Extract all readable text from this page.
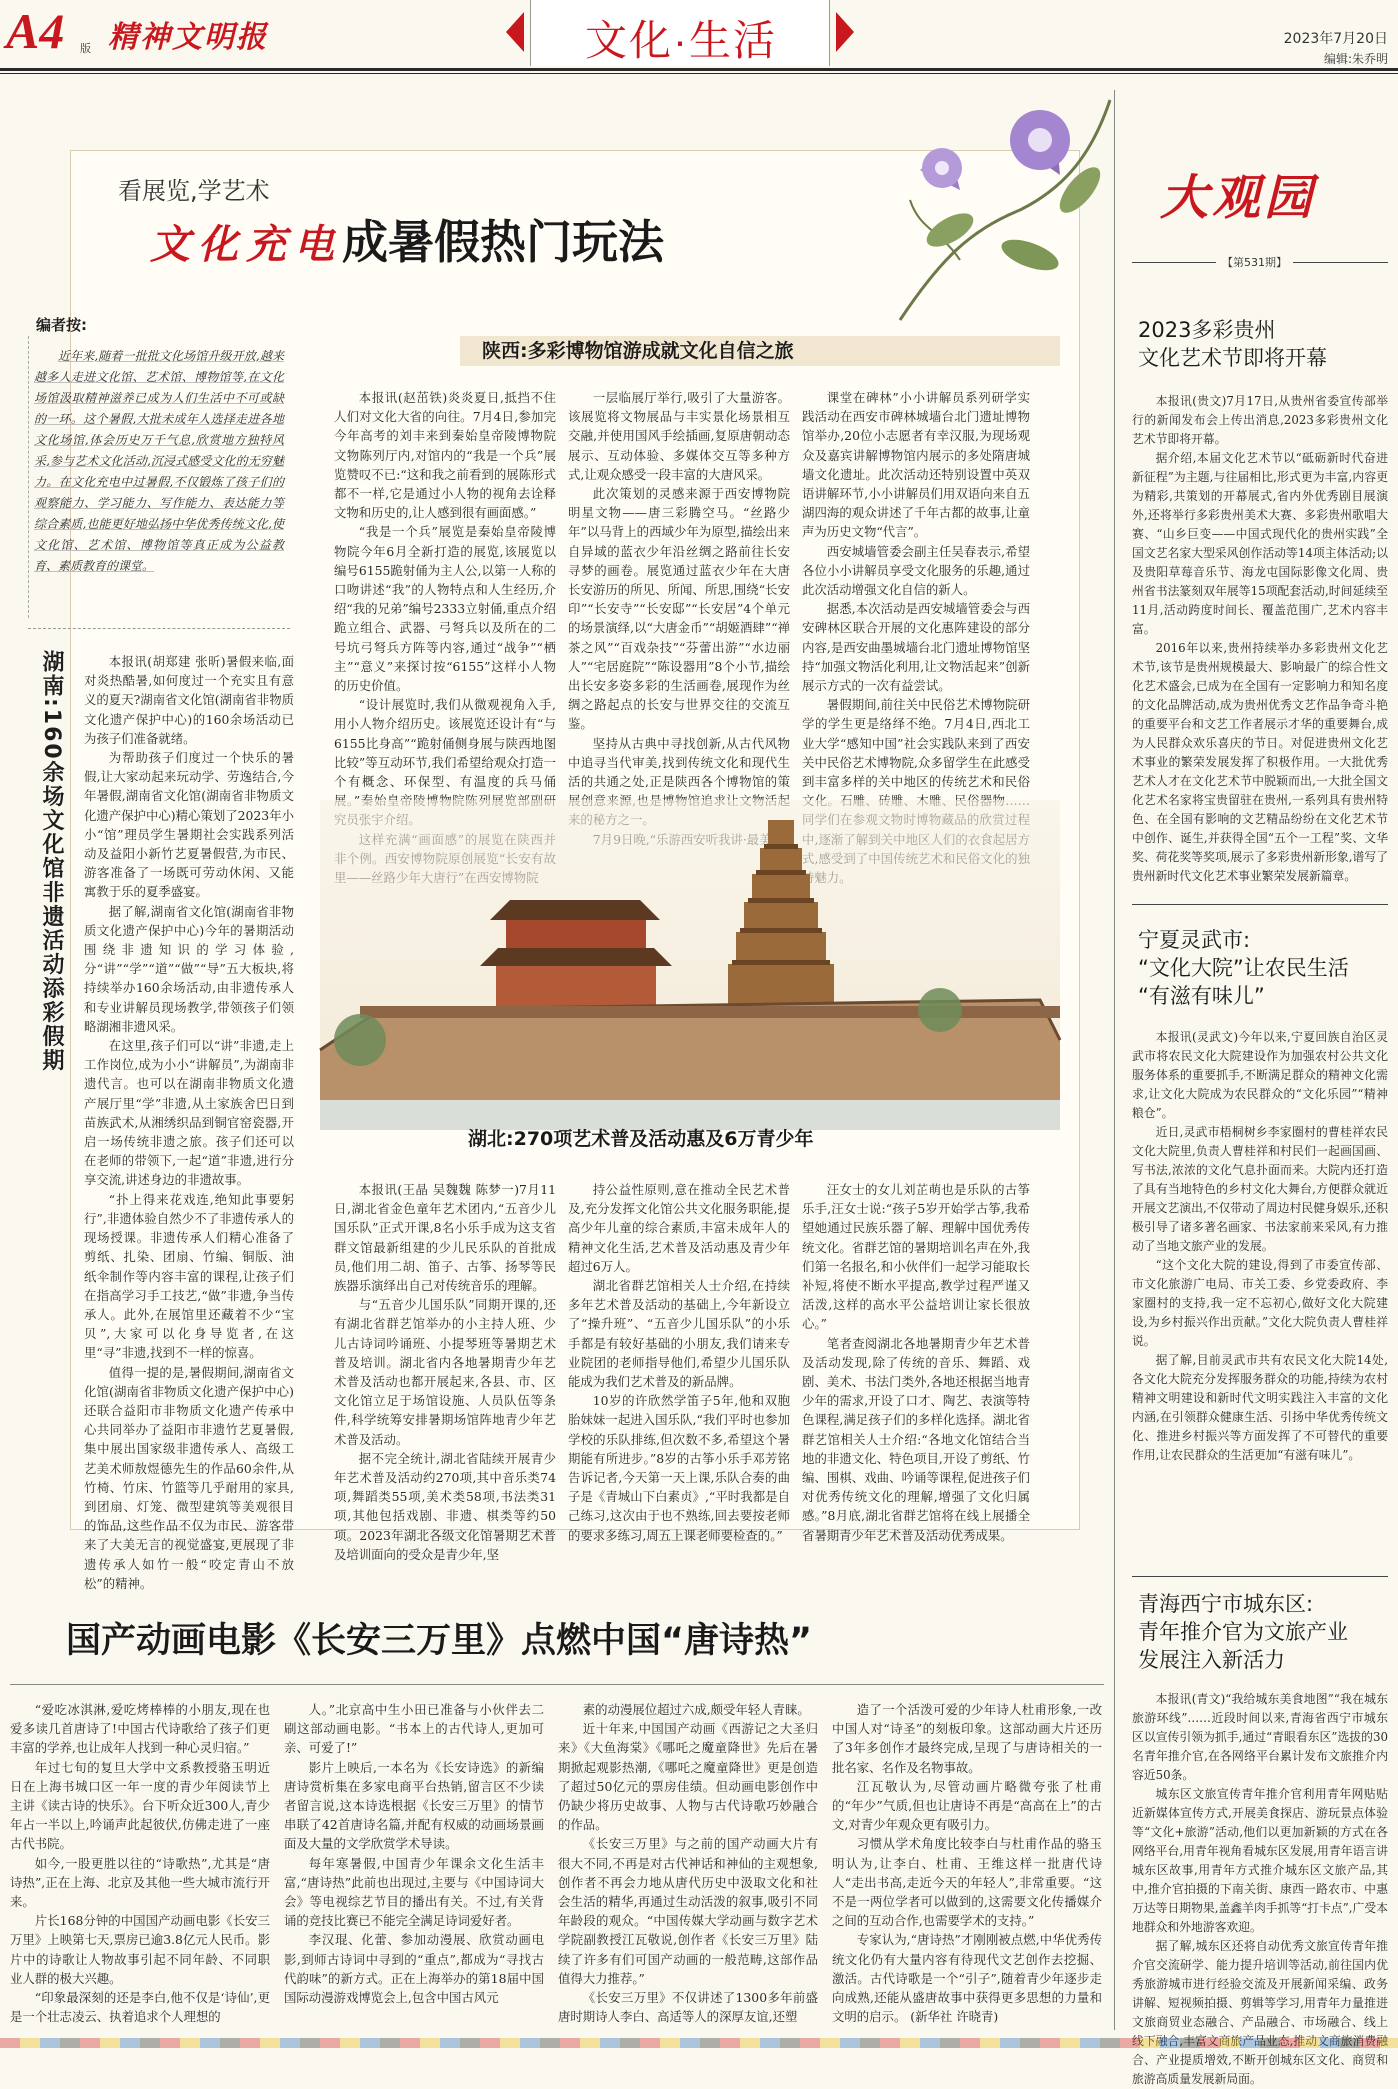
A4 版 精神文明报	文化·生活	2023年7月20日
编辑:朱乔明
看展览,学艺术
文化充电成暑假热门玩法
编者按:

近年来,随着一批批文化场馆升级开放,越来越多人走进文化馆、艺术馆、博物馆等,在文化场馆汲取精神滋养已成为人们生活中不可或缺的一环。这个暑假,大批未成年人选择走进各地文化场馆,体会历史万千气息,欣赏地方独特风采,参与艺术文化活动,沉浸式感受文化的无穷魅力。在文化充电中过暑假,不仅锻炼了孩子们的观察能力、学习能力、写作能力、表达能力等综合素质,也能更好地弘扬中华优秀传统文化,使文化馆、艺术馆、博物馆等真正成为公益教育、素质教育的课堂。

陕西:多彩博物馆游成就文化自信之旅

本报讯(赵茁铁)炎炎夏日,抵挡不住人们对文化大省的向往。7月4日,参加完今年高考的刘丰来到秦始皇帝陵博物院文物陈列厅内,对馆内的“我是一个兵”展览赞叹不已:“这和我之前看到的展陈形式都不一样,它是通过小人物的视角去诠释文物和历史的,让人感到很有画面感。”

“我是一个兵”展览是秦始皇帝陵博物院今年6月全新打造的展览,该展览以编号6155跪射俑为主人公,以第一人称的口吻讲述“我”的人物特点和人生经历,介绍“我的兄弟”编号2333立射俑,重点介绍跪立组合、武器、弓弩兵以及所在的二号坑弓弩兵方阵等内容,通过“战争”“栖主”“意义”来探讨按“6155”这样小人物的历史价值。

“设计展览时,我们从微观视角入手,用小人物介绍历史。该展览还设计有“与6155比身高”“跪射俑侧身展与陕西地图比较”等互动环节,我们希望给观众打造一个有概念、环保型、有温度的兵马俑

一层临展厅举行,吸引了大量游客。该展览将文物展品与丰实景化场景相互交融,并使用国风手绘插画,复原唐朝动态展示、互动体验、多媒体交互等多种方式,让观众感受一段丰富的大唐风采。

此次策划的灵感来源于西安博物院明星文物——唐三彩腾空马。“丝路少年”以马背上的西域少年为原型,描绘出来自异域的蓝衣少年沿丝绸之路前往长安寻梦的画卷。展览通过蓝衣少年在大唐长安游历的所见、所闻、所思,围绕“长安印”“长安寺”“长安邸”“长安居”4个单元的场景演绎,以“大唐金币”“胡姬酒肆”“禅茶之风”“百戏杂技”“芬蕾出游”“水边丽人”“宅居庭院”“陈设器用”8个小节,描绘出长安多姿多彩的生活画卷,展现作为丝绸之路起点的长安与世界交往的交流互鉴。

坚持从古典中寻找创新,从古代风物中追寻当代审美,找到传统文化和现代生活的共通之处,正是陕西各个博物馆的策

课堂在碑林”小小讲解员系列研学实践活动在西安市碑林城墙台北门遗址博物馆举办,20位小志愿者有幸汉服,为现场观众及嘉宾讲解博物馆内展示的多处隋唐城墙文化遗址。此次活动还特别设置中英双语讲解环节,小小讲解员们用双语向来自五湖四海的观众讲述了千年古都的故事,让童声为历史文物“代言”。

西安城墙管委会副主任吴春表示,希望各位小小讲解员享受文化服务的乐趣,通过此次活动增强文化自信的新人。

据悉,本次活动是西安城墙管委会与西安碑林区联合开展的文化惠阵建设的部分内容,是西安曲墨城墙台北门遗址博物馆坚持“加强文物活化利用,让文物活起来”创新展示方式的一次有益尝试。

暑假期间,前往关中民俗艺术博物院研学的学生更是络绎不绝。7月4日,西北工业大学“感知中国”社会实践队来到了西安关中民俗艺术博物院,众多留学生在此感受到丰富多样的关中地区的传统艺术和民俗

湖北:270项艺术普及活动惠及6万青少年
湖南:160余场文化馆非遗活动添彩假期	本报讯(胡郑建 张昕)暑假来临,面对炎热酷暑,如何度过一个充实且有意义的夏天?湖南省文化馆(湖南省非物质文化遗产保护中心)的160余场活动已为孩子们准备就绪。

为帮助孩子们度过一个快乐的暑假,让大家动起来玩动学、劳逸结合,今年暑假,湖南省文化馆(湖南省非物质文化遗产保护中心)精心策划了2023年小小“馆”理员学生暑期社会实践系列活动及益阳小新竹艺夏暑假营,为市民、游客准备了一场既可劳动休闲、又能寓教于乐的夏季盛宴。

据了解,湖南省文化馆(湖南省非物质文化遗产保护中心)今年的暑期活动围绕非遗知识的学习体验,分“讲”“学”“道”“做”“导”五大板块,将持续举办160余场活动,由非遗传承人和专业讲解员现场教学,带领孩子们领略湖湘非遗风采。

在这里,孩子们可以“讲”非遗,走上工作岗位,成为小小“讲解员”,为湖南非遗代言。也可以在湖南非物质文化遗产展厅里“学”非遗,从土家族舍巴日到苗族武术,从湘绣织品到铜官窑瓷器,开启一场传统非遗之旅。孩子们还可以在老师的带领下,一起“道”非遗,进行分享交流,讲述身边的非遗故事。

“扑上得来花戏连,绝知此事要躬行”,非遗体验自然少不了非遗传承人的现场授课。非遗传承人们精心准备了剪纸、扎染、团扇、竹编、铜版、油纸伞制作等内容丰富的课程,让孩子们在指高学习手工技艺,“做”非遗,争当传承人。此外,在展馆里还藏着不少“宝贝”,大家可以化身导览者,在这里“寻”非遗,找到不一样的惊喜。

值得一提的是,暑假期间,湖南省文化馆(湖南省非物质文化遗产保护中心)还联合益阳市非物质文化遗产传承中心共同举办了益阳市非遗竹艺夏暑假,集中展出国家级非遗传承人、高级工艺美术师敖煜德先生的作品60余件,从竹椅、竹床、竹篮等几乎耐用的家具,到团扇、灯笼、微型建筑等美观很目的饰品,这些作品不仅为市民、游客带来了大美无言的视觉盛宴,更展现了非遗传承人如竹一般“咬定青山不放松”的精神。

本报讯(王晶 吴魏魏 陈梦一)7月11日,湖北省金色童年艺术团内,“五音少儿国乐队”正式开课,8名小乐手成为这支省群文馆最新组建的少儿民乐队的首批成员,他们用二胡、笛子、古筝、扬琴等民族器乐演绎出自己对传统音乐的理解。

与“五音少儿国乐队”同期开课的,还有湖北省群艺馆举办的小主持人班、少儿古诗词吟诵班、小提琴班等暑期艺术普及培训。湖北省内各地暑期青少年艺术普及活动也都开展起来,各县、市、区文化馆立足于场馆设施、人员队伍等条件,科学统筹安排暑期场馆阵地青少年艺术普及活动。

据不完全统计,湖北省陆续开展青少年艺术普及活动约270项,其中音乐类74项,舞蹈类55项,美术类58项,书法类31项,其他包括戏剧、非遗、棋类等约50项。2023年湖北各级文化馆暑期艺术普及培训面向的受众是青少年,坚

持公益性原则,意在推动全民艺术普及,充分发挥文化馆公共文化服务职能,提高少年儿童的综合素质,丰富未成年人的精神文化生活,艺术普及活动惠及青少年超过6万人。

湖北省群艺馆相关人士介绍,在持续多年艺术普及活动的基础上,今年新设立了“操升班”、“五音少儿国乐队”的小乐手都是有较好基础的小朋友,我们请来专业院团的老师指导他们,希望少儿国乐队能成为我们艺术普及的新品牌。

10岁的许欣然学笛子5年,他和双胞胎妹妹一起进入国乐队,“我们平时也参加学校的乐队排练,但次数不多,希望这个暑期能有所进步。”8岁的古筝小乐手邓芳铭告诉记者,今天第一天上课,乐队合奏的曲子是《青城山下白素贞》,“平时我都是自己练习,这次由于也不熟练,回去要按老师的要求多练习,周五上课老师要检查的。”

汪女士的女儿刘芷萌也是乐队的古筝乐手,汪女士说:“孩子5岁开始学古筝,我希望她通过民族乐器了解、理解中国优秀传统文化。省群艺馆的暑期培训名声在外,我们第一名报名,和小伙伴们一起学习能取长补短,将使不断水平提高,教学过程严谨又活泼,这样的高水平公益培训让家长很放心。”

笔者查阅湖北各地暑期青少年艺术普及活动发现,除了传统的音乐、舞蹈、戏剧、美术、书法门类外,各地还根据当地青少年的需求,开设了口才、陶艺、表演等特色课程,满足孩子们的多样化选择。湖北省群艺馆相关人士介绍:“各地文化馆结合当地的非遗文化、特色项目,开设了剪纸、竹编、围棋、戏曲、吟诵等课程,促进孩子们对优秀传统文化的理解,增强了文化归属感。”8月底,湖北省群艺馆将在线上展播全省暑期青少年艺术普及活动优秀成果。

大观园
【第531期】
2023多彩贵州
文化艺术节即将开幕

本报讯(贵文)7月17日,从贵州省委宣传部举行的新闻发布会上传出消息,2023多彩贵州文化艺术节即将开幕。

据介绍,本届文化艺术节以“砥砺新时代奋进新征程”为主题,与往届相比,形式更为丰富,内容更为精彩,共策划的开幕展式,省内外优秀剧目展演外,还将举行多彩贵州美术大赛、多彩贵州歌唱大赛、“山乡巨变——中国式现代化的贵州实践”全国文艺名家大型采风创作活动等14项主体活动;以及贵阳草莓音乐节、海龙屯国际影像文化周、贵州省书法篆刻双年展等15项配套活动,时间延续至11月,活动跨度时间长、覆盖范围广,艺术内容丰富。

2016年以来,贵州持续举办多彩贵州文化艺术节,该节是贵州规模最大、影响最广的综合性文化艺术盛会,已成为在全国有一定影响力和知名度的文化品牌活动,成为贵州优秀文艺作品争奇斗艳的重要平台和文艺工作者展示才华的重要舞台,成为人民群众欢乐喜庆的节日。对促进贵州文化艺术事业的繁荣发展发挥了积极作用。一大批优秀艺术人才在文化艺术节中脱颖而出,一大批全国文化艺术名家将宝贵留驻在贵州,一系列具有贵州特色、在全国有影响的文艺精品纷纷在文化艺术节中创作、诞生,并获得全国“五个一工程”奖、文华奖、荷花奖等奖项,展示了多彩贵州新形象,谱写了贵州新时代文化艺术事业繁荣发展新篇章。

宁夏灵武市:
“文化大院”让农民生活
“有滋有味儿”

本报讯(灵武文)今年以来,宁夏回族自治区灵武市将农民文化大院建设作为加强农村公共文化服务体系的重要抓手,不断满足群众的精神文化需求,让文化大院成为农民群众的“文化乐园”“精神粮仓”。

近日,灵武市梧桐树乡李家圈村的曹桂祥农民文化大院里,负责人曹桂祥和村民们一起画国画、写书法,浓浓的文化气息扑面而来。大院内还打造了具有当地特色的乡村文化大舞台,方便群众就近开展文艺演出,不仅带动了周边村民健身娱乐,还积极引导了诸多著名画家、书法家前来采风,有力推动了当地文旅产业的发展。

“这个文化大院的建设,得到了市委宣传部、市文化旅游广电局、市关工委、乡党委政府、李家圈村的支持,我一定不忘初心,做好文化大院建设,为乡村振兴作出贡献。”文化大院负责人曹桂祥说。

据了解,目前灵武市共有农民文化大院14处,各文化大院充分发挥服务群众的功能,持续为农村精神文明建设和新时代文明实践注入丰富的文化内涵,在引领群众健康生活、引扬中华优秀传统文化、推进乡村振兴等方面发挥了不可替代的重要作用,让农民群众的生活更加“有滋有味儿”。

青海西宁市城东区:
青年推介官为文旅产业
发展注入新活力

本报讯(青文)“我给城东美食地图”“我在城东旅游环线”……近段时间以来,青海省西宁市城东区以宣传引领为抓手,通过“青眼看东区”选拔的30名青年推介官,在各网络平台累计发布文旅推介内容近50条。

城东区文旅宣传青年推介官利用青年网贴贴近新媒体宣传方式,开展美食探店、游玩景点体验等“文化+旅游”活动,他们以更加新颖的方式在各网络平台,用青年视角看城东区发展,用青年语言讲城东区故事,用青年方式推介城东区文旅产品,其中,推介官拍摄的下南关街、康西一路农市、中惠万达等日期物果,盖鑫羊肉手抓等“打卡点”,广受本地群众和外地游客欢迎。

据了解,城东区还将自动优秀文旅宣传青年推介官交流研学、能力提升培训等活动,前往国内优秀旅游城市进行经验交流及开展新闻采编、政务讲解、短视频拍摄、剪辑等学习,用青年力量推进文旅商贸业态融合、产品融合、市场融合、线上线下融合,丰富文商旅产品业态,推动文商旅消费融合、产业提质增效,不断开创城东区文化、商贸和旅游高质量发展新局面。

国产动画电影《长安三万里》点燃中国“唐诗热”

“爱吃冰淇淋,爱吃烤棒棒的小朋友,现在也爱多读几首唐诗了!中国古代诗歌给了孩子们更丰富的学养,也让成年人找到一种心灵归宿。”

年过七旬的复旦大学中文系教授骆玉明近日在上海书城口区一年一度的青少年阅读节上主讲《读古诗的快乐》。台下听众近300人,青少年占一半以上,吟诵声此起彼伏,仿佛走进了一座古代书院。

如今,一股更胜以往的“诗歌热”,尤其是“唐诗热”,正在上海、北京及其他一些大城市流行开来。

片长168分钟的中国国产动画电影《长安三万里》上映第七天,票房已逾3.8亿元人民币。影片中的诗歌让人物故事引起不同年龄、不同职业人群的极大兴趣。

“印象最深刻的还是李白,他不仅是‘诗仙’,更是一个壮志凌云、执着追求个人理想的

人。”北京高中生小田已准备与小伙伴去二刷这部动画电影。“书本上的古代诗人,更加可亲、可爱了!”

影片上映后,一本名为《长安诗选》的新编唐诗赏析集在多家电商平台热销,留言区不少读者留言说,这本诗选根据《长安三万里》的情节串联了42首唐诗名篇,并配有权威的动画场景画面及大量的文学欣赏学术导读。

每年寒暑假,中国青少年课余文化生活丰富,“唐诗热”此前也出现过,主要与《中国诗词大会》等电视综艺节目的播出有关。不过,有关背诵的竞技比赛已不能完全满足诗词爱好者。

李汉琨、化蕾、参加动漫展、欣赏动画电影,到师古诗词中寻到的“重点”,都成为“寻找古代韵味”的新方式。正在上海举办的第18届中国国际动漫游戏博览会上,包含中国古风元

素的动漫展位超过六成,颇受年轻人青睐。

近十年来,中国国产动画《西游记之大圣归来》《大鱼海棠》《哪吒之魔童降世》先后在暑期掀起观影热潮,《哪吒之魔童降世》更是创造了超过50亿元的票房佳绩。但动画电影创作中仍缺少将历史故事、人物与古代诗歌巧妙融合的作品。

《长安三万里》与之前的国产动画大片有很大不同,不再是对古代神话和神仙的主观想象,创作者不再会力地从唐代历史中汲取文化和社会生活的精华,再通过生动活泼的叙事,吸引不同年龄段的观众。“中国传媒大学动画与数字艺术学院副教授江瓦敬说,创作者《长安三万里》陆续了许多有们可国产动画的一般范畴,这部作品值得大力推荐。”

《长安三万里》不仅讲述了1300多年前盛唐时期诗人李白、高适等人的深厚友谊,还塑

造了一个活泼可爱的少年诗人杜甫形象,一改中国人对“诗圣”的刻板印象。这部动画大片还历了3年多创作才最终完成,呈现了与唐诗相关的一批名家、名作及名物事故。

江瓦敬认为,尽管动画片略微夸张了杜甫的“年少”气质,但也让唐诗不再是“高高在上”的古文,对青少年观众更有吸引力。

习惯从学术角度比较李白与杜甫作品的骆玉明认为,让李白、杜甫、王维这样一批唐代诗人“走出书高,走近今天的年轻人”,非常重要。“这不是一两位学者可以做到的,这需要文化传播媒介之间的互动合作,也需要学术的支持。”

专家认为,“唐诗热”才刚刚被点燃,中华优秀传统文化仍有大量内容有待现代文艺创作去挖掘、激活。古代诗歌是一个“引子”,随着青少年逐步走向成熟,还能从盛唐故事中获得更多思想的力量和文明的启示。 (新华社 许晓青)
